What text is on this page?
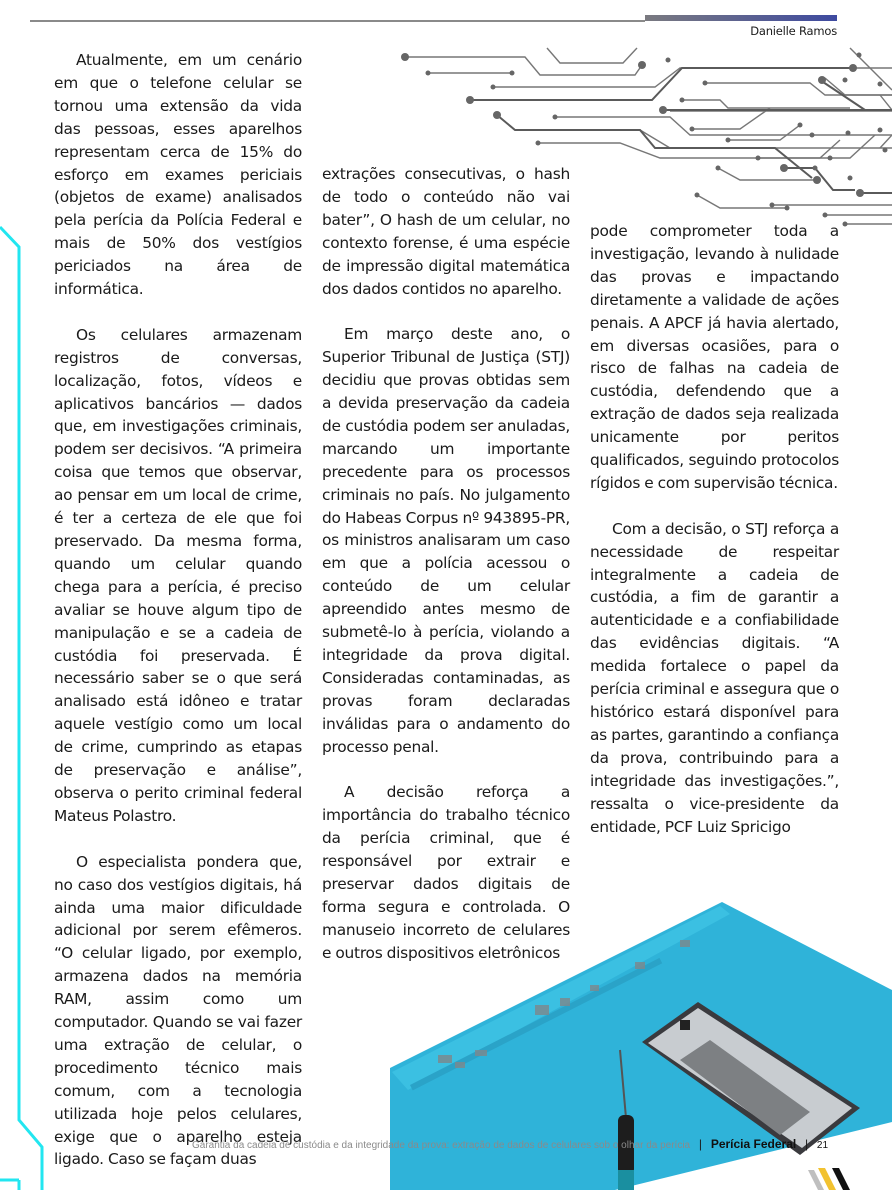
Danielle Ramos

Atualmente, em um cenário em que o telefone celular se tornou uma extensão da vida das pessoas, esses aparelhos representam cerca de 15% do esforço em exames periciais (objetos de exame) analisados pela perícia da Polícia Federal e mais de 50% dos vestígios periciados na área de informática.

Os celulares armazenam registros de conversas, localização, fotos, vídeos e aplicativos bancários — dados que, em investigações criminais, podem ser decisivos. “A primeira coisa que temos que observar, ao pensar em um local de crime, é ter a certeza de ele que foi preservado. Da mesma forma, quando um celular quando chega para a perícia, é preciso avaliar se houve algum tipo de manipulação e se a cadeia de custódia foi preservada. É necessário saber se o que será analisado está idôneo e tratar aquele vestígio como um local de crime, cumprindo as etapas de preservação e análise”, observa o perito criminal federal Mateus Polastro.

O especialista pondera que, no caso dos vestígios digitais, há ainda uma maior dificuldade adicional por serem efêmeros. “O celular ligado, por exemplo, armazena dados na memória RAM, assim como um computador. Quando se vai fazer uma extração de celular, o procedimento técnico mais comum, com a tecnologia utilizada hoje pelos celulares, exige que o aparelho esteja ligado. Caso se façam duas

extrações consecutivas, o hash de todo o conteúdo não vai bater”, O hash de um celular, no contexto forense, é uma espécie de impressão digital matemática dos dados contidos no aparelho.

Em março deste ano, o Superior Tribunal de Justiça (STJ) decidiu que provas obtidas sem a devida preservação da cadeia de custódia podem ser anuladas, marcando um importante precedente para os processos criminais no país. No julgamento do Habeas Corpus nº 943895-PR, os ministros analisaram um caso em que a polícia acessou o conteúdo de um celular apreendido antes mesmo de submetê-lo à perícia, violando a integridade da prova digital. Consideradas contaminadas, as provas foram declaradas inválidas para o andamento do processo penal.

A decisão reforça a importância do trabalho técnico da perícia criminal, que é responsável por extrair e preservar dados digitais de forma segura e controlada. O manuseio incorreto de celulares e outros dispositivos eletrônicos

pode comprometer toda a investigação, levando à nulidade das provas e impactando diretamente a validade de ações penais. A APCF já havia alertado, em diversas ocasiões, para o risco de falhas na cadeia de custódia, defendendo que a extração de dados seja realizada unicamente por peritos qualificados, seguindo protocolos rígidos e com supervisão técnica.

Com a decisão, o STJ reforça a necessidade de respeitar integralmente a cadeia de custódia, a fim de garantir a autenticidade e a confiabilidade das evidências digitais. “A medida fortalece o papel da perícia criminal e assegura que o histórico estará disponível para as partes, garantindo a confiança da prova, contribuindo para a integridade das investigações.”, ressalta o vice-presidente da entidade, PCF Luiz Spricigo

Garantia da cadeia de custódia e da integridade da prova: extração de dados de celulares sob o olhar da perícia | Perícia Federal | 21
